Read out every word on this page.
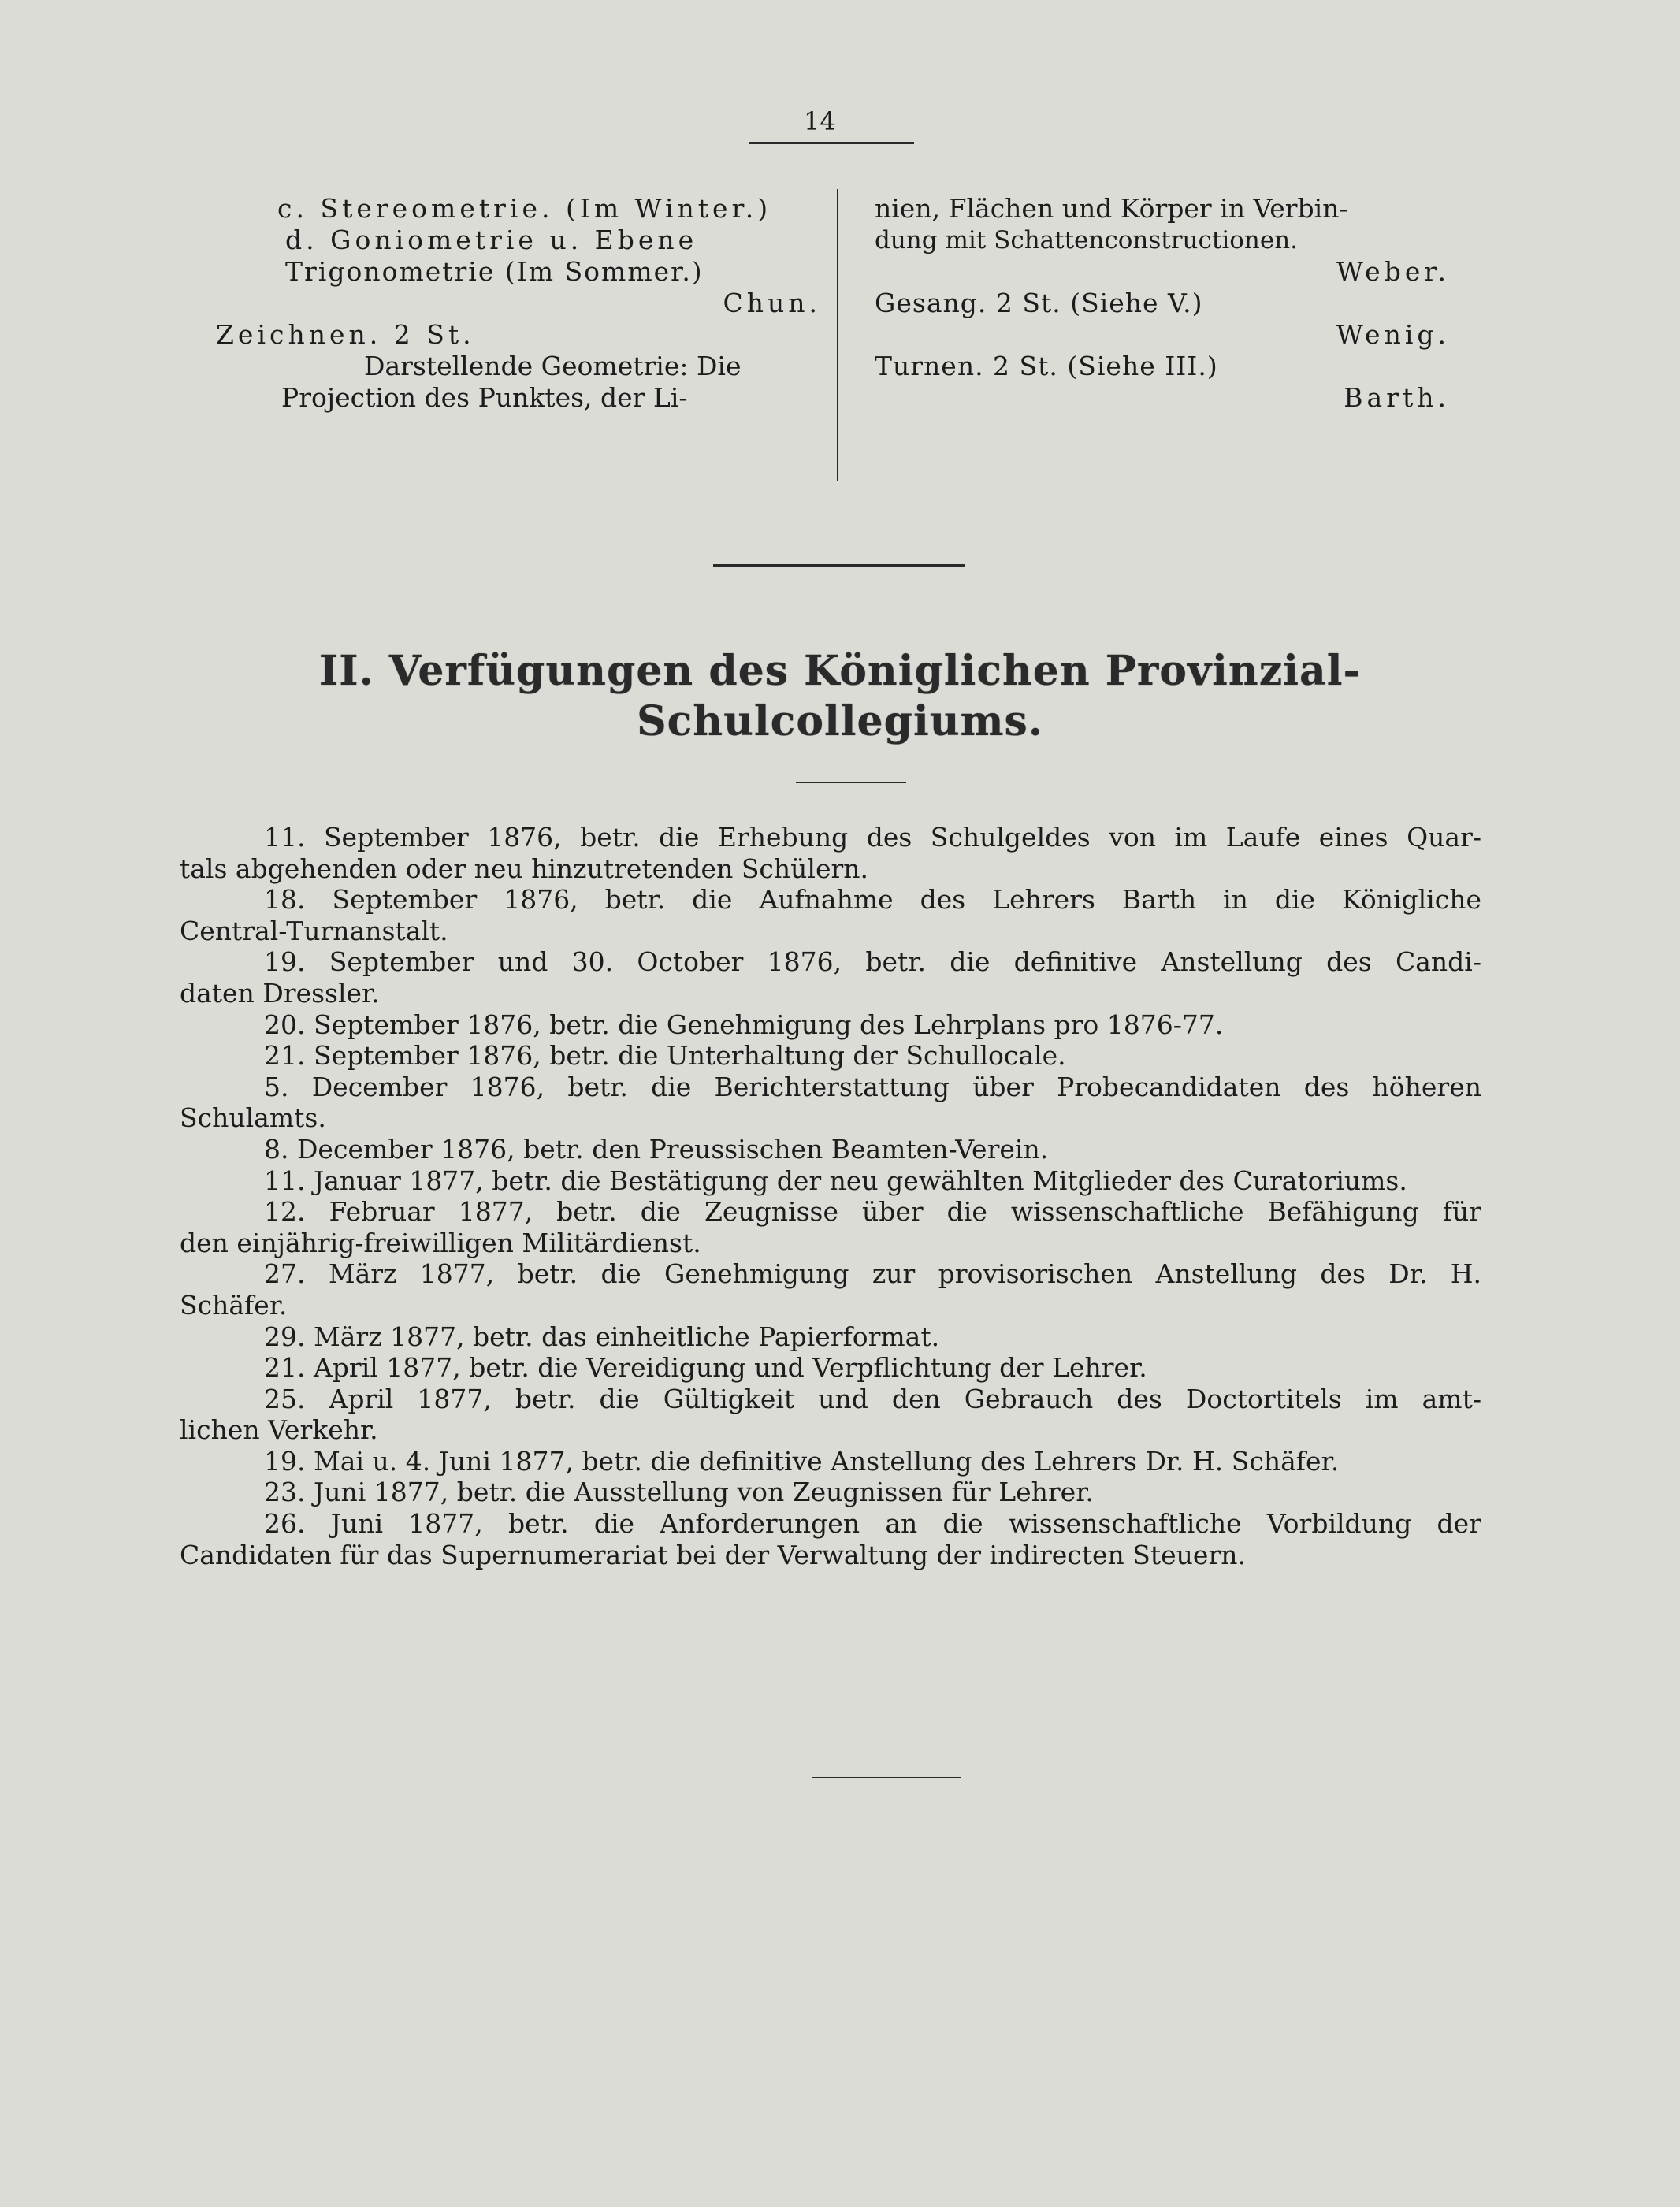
14
c. Stereometrie. (Im Winter.)
d. Goniometrie u. Ebene
Trigonometrie (Im Sommer.)
Chun.
Zeichnen. 2 St.
Darstellende Geometrie: Die
Projection des Punktes, der Li-
nien, Flächen und Körper in Verbin-
dung mit Schattenconstructionen.
Weber.
Gesang. 2 St. (Siehe V.)
Wenig.
Turnen. 2 St. (Siehe III.)
Barth.
II. Verfügungen des Königlichen Provinzial-
Schulcollegiums.
11. September 1876, betr. die Erhebung des Schulgeldes von im Laufe eines Quar-
tals abgehenden oder neu hinzutretenden Schülern.
18. September 1876, betr. die Aufnahme des Lehrers Barth in die Königliche
Central-Turnanstalt.
19. September und 30. October 1876, betr. die definitive Anstellung des Candi-
daten Dressler.
20. September 1876, betr. die Genehmigung des Lehrplans pro 1876-77.
21. September 1876, betr. die Unterhaltung der Schullocale.
5. December 1876, betr. die Berichterstattung über Probecandidaten des höheren
Schulamts.
8. December 1876, betr. den Preussischen Beamten-Verein.
11. Januar 1877, betr. die Bestätigung der neu gewählten Mitglieder des Curatoriums.
12. Februar 1877, betr. die Zeugnisse über die wissenschaftliche Befähigung für
den einjährig-freiwilligen Militärdienst.
27. März 1877, betr. die Genehmigung zur provisorischen Anstellung des Dr. H.
Schäfer.
29. März 1877, betr. das einheitliche Papierformat.
21. April 1877, betr. die Vereidigung und Verpflichtung der Lehrer.
25. April 1877, betr. die Gültigkeit und den Gebrauch des Doctortitels im amt-
lichen Verkehr.
19. Mai u. 4. Juni 1877, betr. die definitive Anstellung des Lehrers Dr. H. Schäfer.
23. Juni 1877, betr. die Ausstellung von Zeugnissen für Lehrer.
26. Juni 1877, betr. die Anforderungen an die wissenschaftliche Vorbildung der
Candidaten für das Supernumerariat bei der Verwaltung der indirecten Steuern.
